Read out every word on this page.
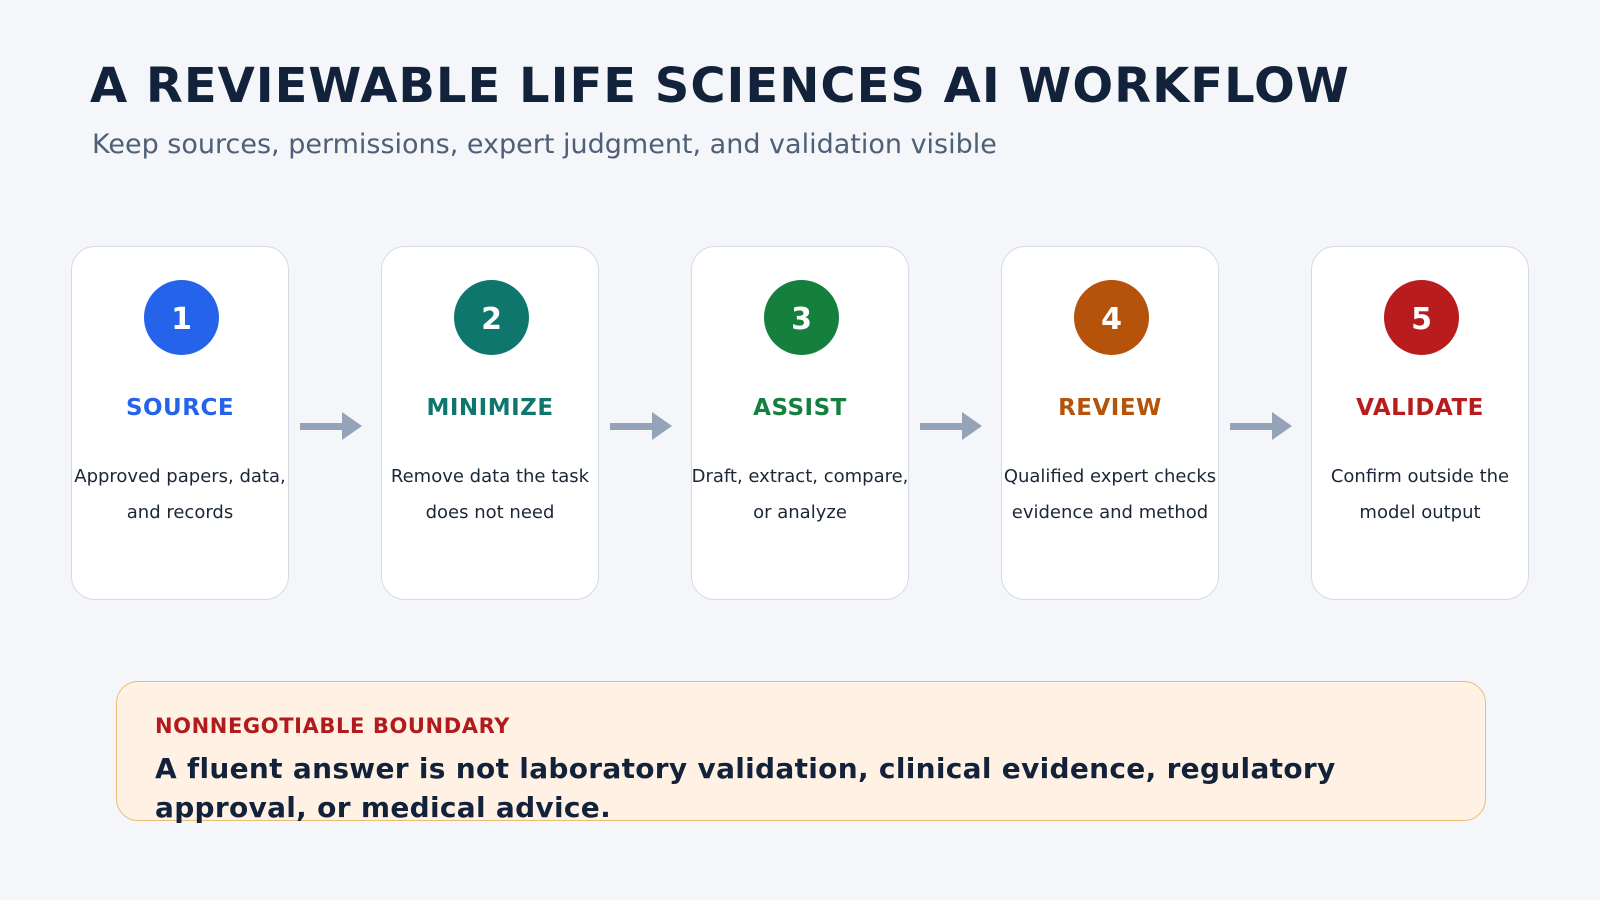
A REVIEWABLE LIFE SCIENCES AI WORKFLOW
Keep sources, permissions, expert judgment, and validation visible
1
SOURCE
Approved papers, data, and records
2
MINIMIZE
Remove data the task does not need
3
ASSIST
Draft, extract, compare, or analyze
4
REVIEW
Qualified expert checks evidence and method
5
VALIDATE
Confirm outside the model output
NONNEGOTIABLE BOUNDARY
A fluent answer is not laboratory validation, clinical evidence, regulatory approval, or medical advice.
